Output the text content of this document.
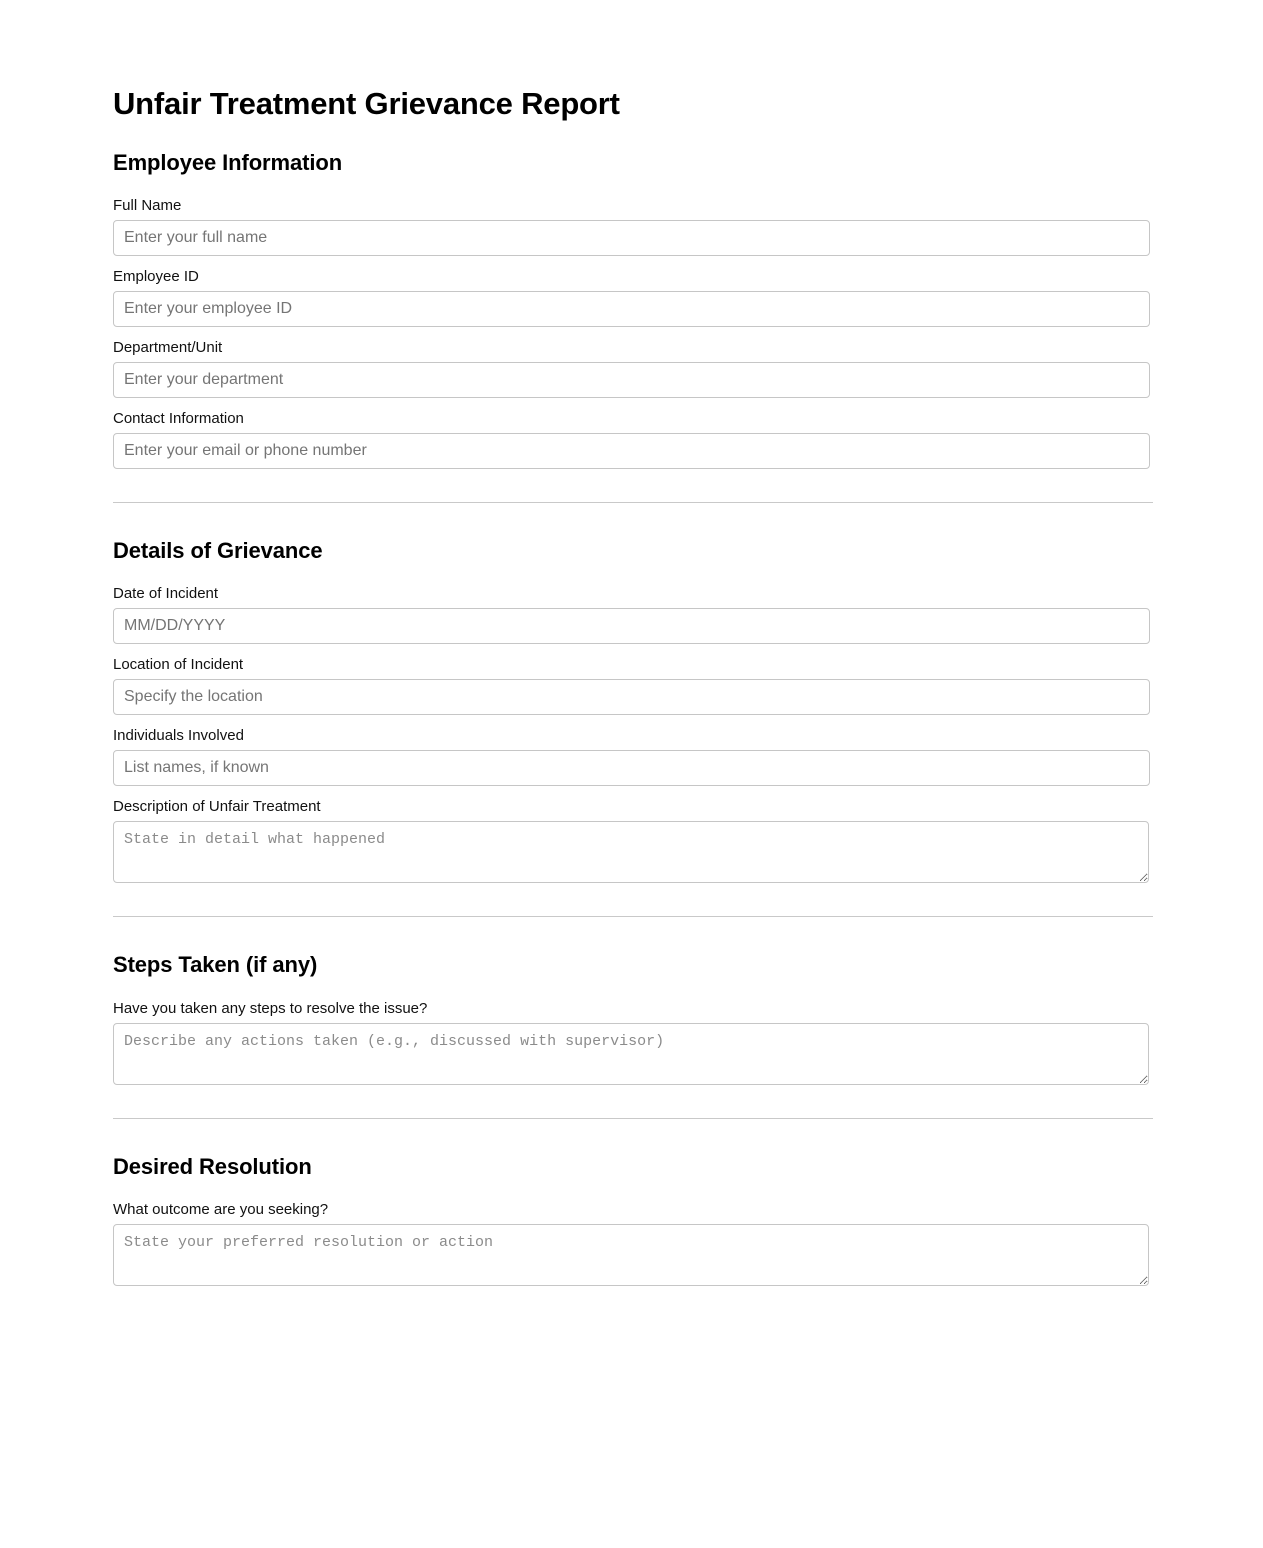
Unfair Treatment Grievance Report
Employee Information
Full Name
Enter your full name
Employee ID
Enter your employee ID
Department/Unit
Enter your department
Contact Information
Enter your email or phone number
Details of Grievance
Date of Incident
MM/DD/YYYY
Location of Incident
Specify the location
Individuals Involved
List names, if known
Description of Unfair Treatment
State in detail what happened
Steps Taken (if any)
Have you taken any steps to resolve the issue?
Describe any actions taken (e.g., discussed with supervisor)
Desired Resolution
What outcome are you seeking?
State your preferred resolution or action
